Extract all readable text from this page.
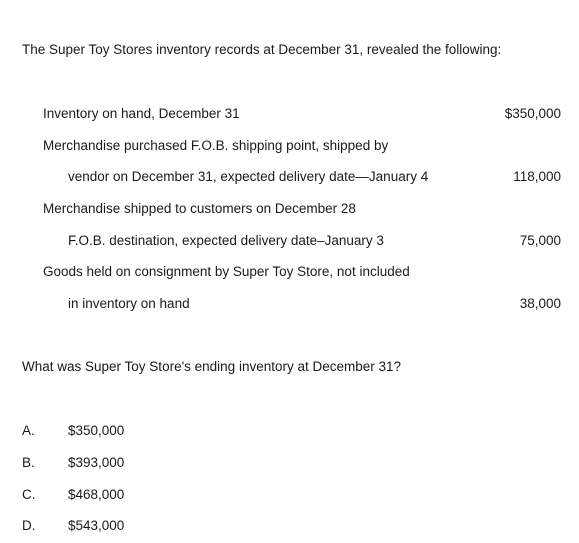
The Super Toy Stores inventory records at December 31, revealed the following:
Inventory on hand, December 31	$350,000
Merchandise purchased F.O.B. shipping point, shipped by
vendor on December 31, expected delivery date—January 4	118,000
Merchandise shipped to customers on December 28
F.O.B. destination, expected delivery date–January 3	75,000
Goods held on consignment by Super Toy Store, not included
in inventory on hand	38,000
What was Super Toy Store's ending inventory at December 31?
A. $350,000
B. $393,000
C. $468,000
D. $543,000
